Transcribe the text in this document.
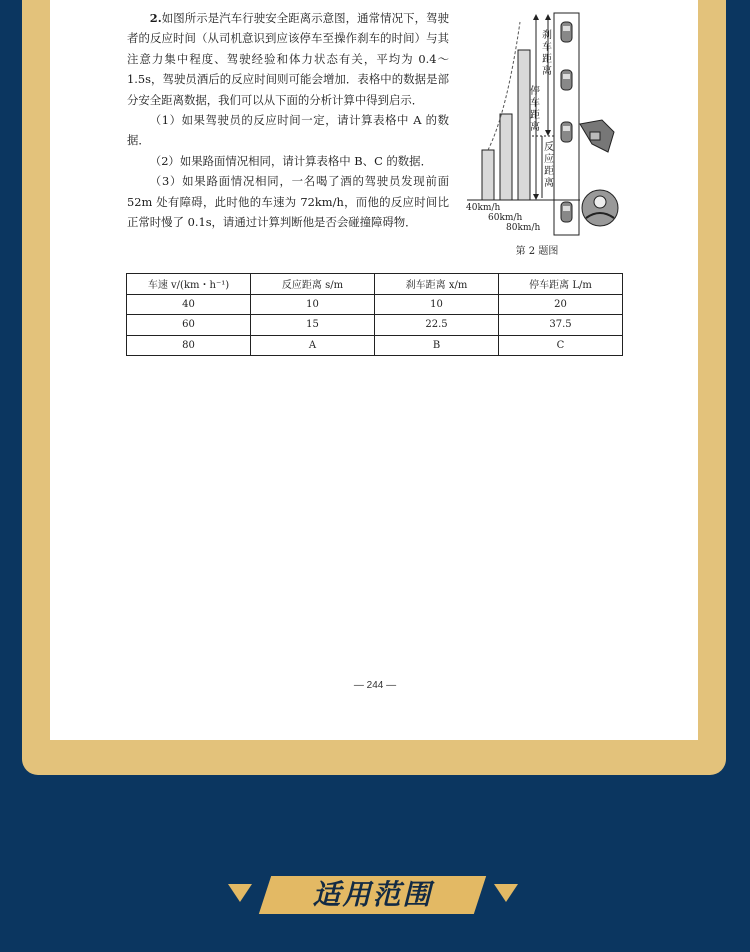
2.如图所示是汽车行驶安全距离示意图，通常情况下，驾驶者的反应时间（从司机意识到应该停车至操作刹车的时间）与其注意力集中程度、驾驶经验和体力状态有关，平均为 0.4～1.5s，驾驶员酒后的反应时间则可能会增加．表格中的数据是部分安全距离数据，我们可以从下面的分析计算中得到启示．

（1）如果驾驶员的反应时间一定，请计算表格中 A 的数据．

（2）如果路面情况相同，请计算表格中 B、C 的数据．

（3）如果路面情况相同，一名喝了酒的驾驶员发现前面 52m 处有障碍，此时他的车速为 72km/h，而他的反应时间比正常时慢了 0.1s，请通过计算判断他是否会碰撞障碍物．

刹
车
距
离
停
车
距
离
反
应
距
离
40km/h
60km/h
80km/h
第 2 题图
车速 v/(km・h⁻¹)	反应距离 s/m	刹车距离 x/m	停车距离 L/m
40	10	10	20
60	15	22.5	37.5
80	A	B	C
— 244 —
适用范围
